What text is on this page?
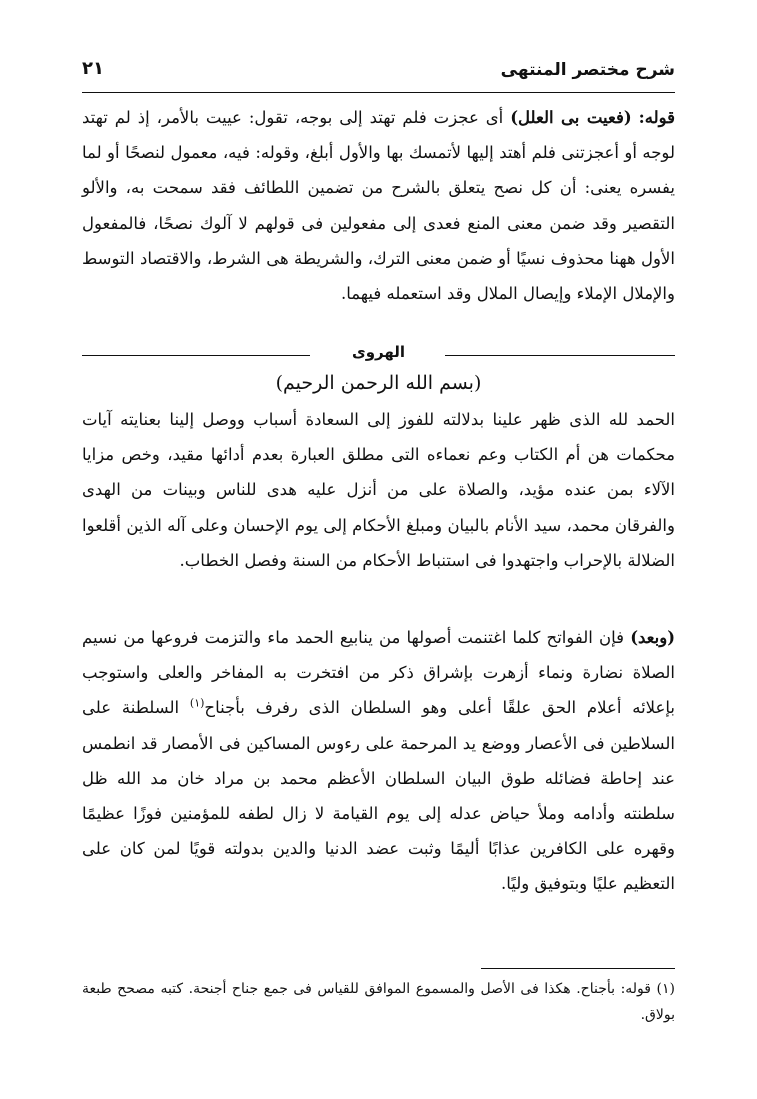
شرح مختصر المنتهى
٢١
قوله: (فعيت بى العلل) أى عجزت فلم تهتد إلى بوجه، تقول: عييت بالأمر، إذ لم تهتد لوجه أو أعجزتنى فلم أهتد إليها لأتمسك بها والأول أبلغ، وقوله: فيه، معمول لنصحًا أو لما يفسره يعنى: أن كل نصح يتعلق بالشرح من تضمين اللطائف فقد سمحت به، والألو التقصير وقد ضمن معنى المنع فعدى إلى مفعولين فى قولهم لا آلوك نصحًا، فالمفعول الأول ههنا محذوف نسيًا أو ضمن معنى الترك، والشريطة هى الشرط، والاقتصاد التوسط والإملال الإملاء وإيصال الملال وقد استعمله فيهما.
الهروى
(بسم الله الرحمن الرحيم)
الحمد لله الذى ظهر علينا بدلالته للفوز إلى السعادة أسباب ووصل إلينا بعنايته آيات محكمات هن أم الكتاب وعم نعماءه التى مطلق العبارة بعدم أدائها مقيد، وخص مزايا الآلاء بمن عنده مؤيد، والصلاة على من أنزل عليه هدى للناس وبينات من الهدى والفرقان محمد، سيد الأنام بالبيان ومبلغ الأحكام إلى يوم الإحسان وعلى آله الذين أقلعوا الضلالة بالإحراب واجتهدوا فى استنباط الأحكام من السنة وفصل الخطاب.
(وبعد) فإن الفواتح كلما اغتنمت أصولها من ينابيع الحمد ماء والتزمت فروعها من نسيم الصلاة نضارة ونماء أزهرت بإشراق ذكر من افتخرت به المفاخر والعلى واستوجب بإعلائه أعلام الحق علقًا أعلى وهو السلطان الذى رفرف بأجناح$^{(١)}$ السلطنة على السلاطين فى الأعصار ووضع يد المرحمة على رءوس المساكين فى الأمصار قد انطمس عند إحاطة فضائله طوق البيان السلطان الأعظم محمد بن مراد خان مد الله ظل سلطنته وأدامه وملأ حياض عدله إلى يوم القيامة لا زال لطفه للمؤمنين فوزًا عظيمًا وقهره على الكافرين عذابًا أليمًا وثبت عضد الدنيا والدين بدولته قويًا لمن كان على التعظيم عليًا وبتوفيق وليًا.
(١) قوله: بأجناح. هكذا فى الأصل والمسموع الموافق للقياس فى جمع جناح أجنحة. كتبه مصحح طبعة بولاق.
